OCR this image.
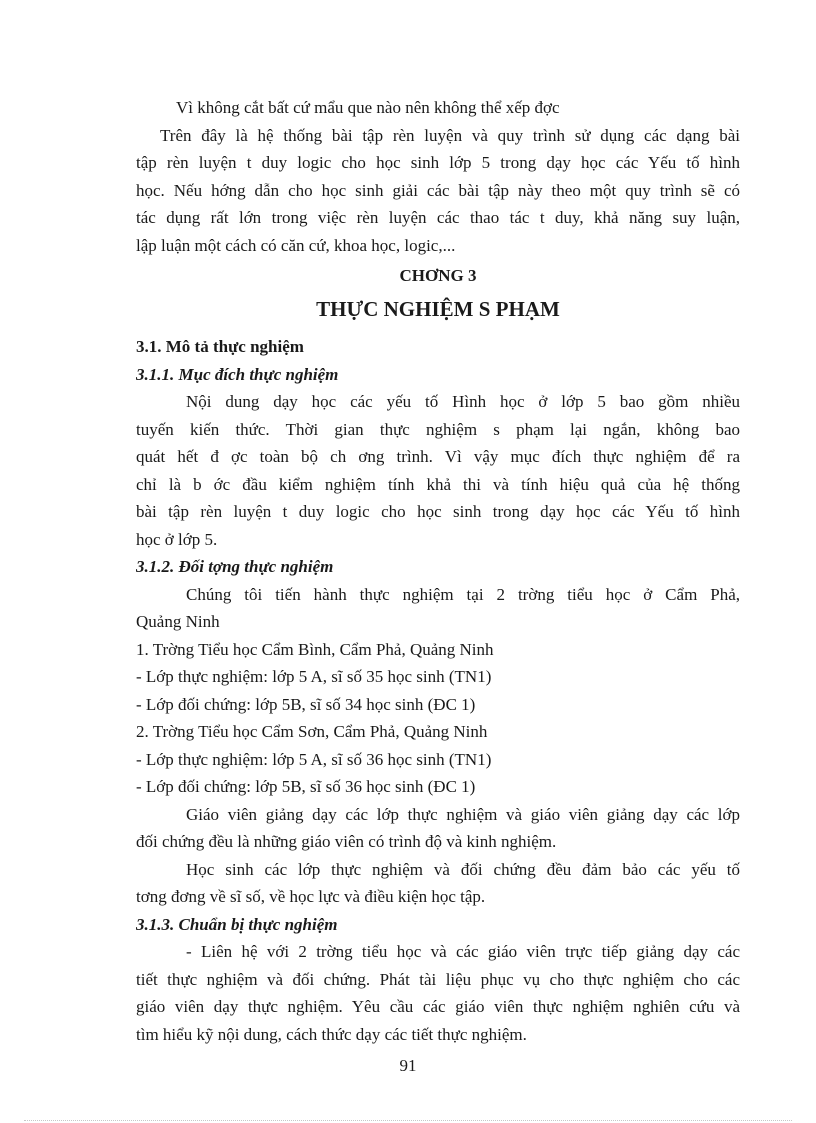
Vì không cắt bất cứ mẩu que nào nên không thể xếp đợc
Trên đây là hệ thống bài tập rèn luyện và quy trình sử dụng các dạng bài
tập rèn luyện t duy logic cho học sinh lớp 5 trong dạy học các Yếu tố hình
học. Nếu hớng dẫn cho học sinh giải các bài tập này theo một quy trình sẽ có
tác dụng rất lớn trong việc rèn luyện các thao tác t duy, khả năng suy luận,
lập luận một cách có căn cứ, khoa học, logic,...
CHƠNG 3
THỰC NGHIỆM S PHẠM
3.1. Mô tả thực nghiệm
3.1.1. Mục đích thực nghiệm
Nội dung dạy học các yếu tố Hình học ở lớp 5 bao gồm nhiều
tuyến kiến thức. Thời gian thực nghiệm s phạm lại ngắn, không bao
quát hết đ ợc toàn bộ ch ơng trình. Vì vậy mục đích thực nghiệm để ra
chỉ là b ớc đầu kiểm nghiệm tính khả thi và tính hiệu quả của hệ thống
bài tập rèn luyện t duy logic cho học sinh trong dạy học các Yếu tố hình
học ở lớp 5.
3.1.2. Đối tợng thực nghiệm
Chúng tôi tiến hành thực nghiệm tại 2 trờng tiểu học ở Cẩm Phả,
Quảng Ninh
1. Trờng Tiểu học Cẩm Bình, Cẩm Phả, Quảng Ninh
- Lớp thực nghiệm: lớp 5 A, sĩ số 35 học sinh (TN1)
- Lớp đối chứng: lớp 5B, sĩ số 34 học sinh (ĐC 1)
2. Trờng Tiểu học Cẩm Sơn, Cẩm Phả, Quảng Ninh
- Lớp thực nghiệm: lớp 5 A, sĩ số 36 học sinh (TN1)
- Lớp đối chứng: lớp 5B, sĩ số 36 học sinh (ĐC 1)
Giáo viên giảng dạy các lớp thực nghiệm và giáo viên giảng dạy các lớp
đối chứng đều là những giáo viên có trình độ và kinh nghiệm.
Học sinh các lớp thực nghiệm và đối chứng đều đảm bảo các yếu tố
tơng đơng về sĩ số, về học lực và điều kiện học tập.
3.1.3. Chuẩn bị thực nghiệm
- Liên hệ với 2 trờng tiểu học và các giáo viên trực tiếp giảng dạy các
tiết thực nghiệm và đối chứng. Phát tài liệu phục vụ cho thực nghiệm cho các
giáo viên dạy thực nghiệm. Yêu cầu các giáo viên thực nghiệm nghiên cứu và
tìm hiểu kỹ nội dung, cách thức dạy các tiết thực nghiệm.
91
